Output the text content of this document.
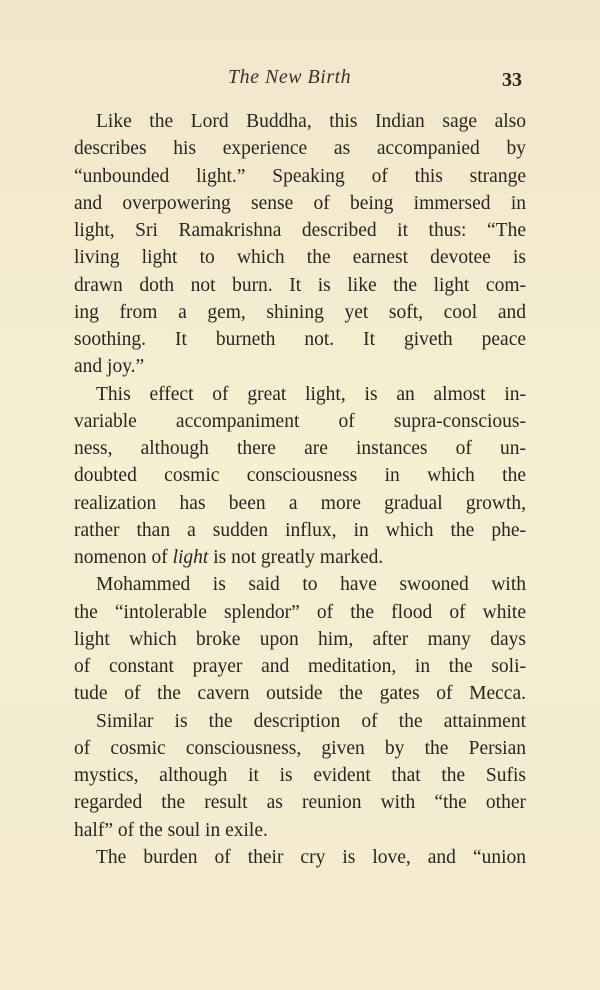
The New Birth	33
Like the Lord Buddha, this Indian sage also
describes his experience as accompanied by
“unbounded light.” Speaking of this strange
and overpowering sense of being immersed in
light, Sri Ramakrishna described it thus: “The
living light to which the earnest devotee is
drawn doth not burn. It is like the light com-
ing from a gem, shining yet soft, cool and
soothing. It burneth not. It giveth peace
and joy.”
This effect of great light, is an almost in-
variable accompaniment of supra-conscious-
ness, although there are instances of un-
doubted cosmic consciousness in which the
realization has been a more gradual growth,
rather than a sudden influx, in which the phe-
nomenon of light is not greatly marked.
Mohammed is said to have swooned with
the “intolerable splendor” of the flood of white
light which broke upon him, after many days
of constant prayer and meditation, in the soli-
tude of the cavern outside the gates of Mecca.
Similar is the description of the attainment
of cosmic consciousness, given by the Persian
mystics, although it is evident that the Sufis
regarded the result as reunion with “the other
half” of the soul in exile.
The burden of their cry is love, and “union
